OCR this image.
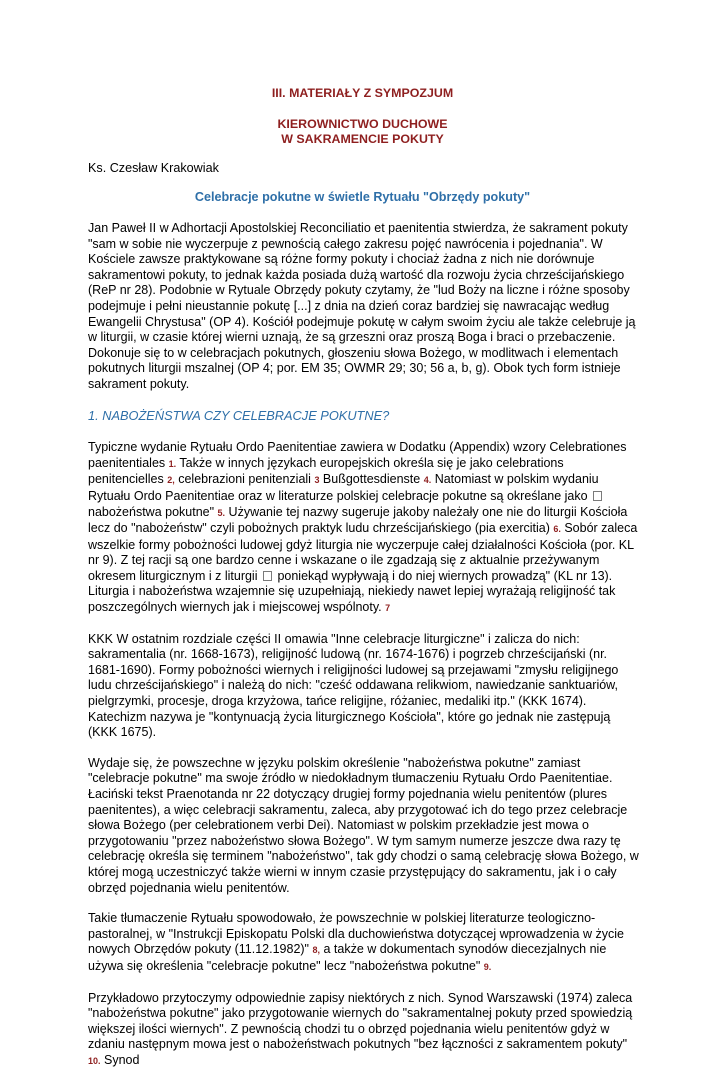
III. MATERIAŁY Z SYMPOZJUM
KIEROWNICTWO DUCHOWE
W SAKRAMENCIE POKUTY
Ks. Czesław Krakowiak
Celebracje pokutne w świetle Rytuału "Obrzędy pokuty"

Jan Paweł II w Adhortacji Apostolskiej Reconciliatio et paenitentia stwierdza, że sakrament pokuty "sam w sobie nie wyczerpuje z pewnością całego zakresu pojęć nawrócenia i pojednania". W Kościele zawsze praktykowane są różne formy pokuty i chociaż żadna z nich nie dorównuje sakramentowi pokuty, to jednak każda posiada dużą wartość dla rozwoju życia chrześcijańskiego (ReP nr 28). Podobnie w Rytuale Obrzędy pokuty czytamy, że "lud Boży na liczne i różne sposoby podejmuje i pełni nieustannie pokutę [...] z dnia na dzień coraz bardziej się nawracając według Ewangelii Chrystusa" (OP 4). Kościół podejmuje pokutę w całym swoim życiu ale także celebruje ją w liturgii, w czasie której wierni uznają, że są grzeszni oraz proszą Boga i braci o przebaczenie. Dokonuje się to w celebracjach pokutnych, głoszeniu słowa Bożego, w modlitwach i elementach pokutnych liturgii mszalnej (OP 4; por. EM 35; OWMR 29; 30; 56 a, b, g). Obok tych form istnieje sakrament pokuty.

1. NABOŻEŃSTWA CZY CELEBRACJE POKUTNE?

Typiczne wydanie Rytuału Ordo Paenitentiae zawiera w Dodatku (Appendix) wzory Celebrationes paenitentiales 1. Także w innych językach europejskich określa się je jako celebrations penitencielles 2, celebrazioni penitenziali 3 Bußgottesdienste 4. Natomiast w polskim wydaniu Rytuału Ordo Paenitentiae oraz w literaturze polskiej celebracje pokutne są określane jako  nabożeństwa pokutne" 5. Używanie tej nazwy sugeruje jakoby należały one nie do liturgii Kościoła lecz do "nabożeństw" czyli pobożnych praktyk ludu chrześcijańskiego (pia exercitia) 6. Sobór zaleca wszelkie formy pobożności ludowej gdyż liturgia nie wyczerpuje całej działalności Kościoła (por. KL nr 9). Z tej racji są one bardzo cenne i wskazane o ile zgadzają się z aktualnie przeżywanym okresem liturgicznym i z liturgii poniekąd wypływają i do niej wiernych prowadzą" (KL nr 13). Liturgia i nabożeństwa wzajemnie się uzupełniają, niekiedy nawet lepiej wyrażają religijność tak poszczególnych wiernych jak i miejscowej wspólnoty. 7

KKK W ostatnim rozdziale części II omawia "Inne celebracje liturgiczne" i zalicza do nich: sakramentalia (nr. 1668-1673), religijność ludową (nr. 1674-1676) i pogrzeb chrześcijański (nr. 1681-1690). Formy pobożności wiernych i religijności ludowej są przejawami "zmysłu religijnego ludu chrześcijańskiego" i należą do nich: "cześć oddawana relikwiom, nawiedzanie sanktuariów, pielgrzymki, procesje, droga krzyżowa, tańce religijne, różaniec, medaliki itp." (KKK 1674). Katechizm nazywa je "kontynuacją życia liturgicznego Kościoła", które go jednak nie zastępują (KKK 1675).

Wydaje się, że powszechne w języku polskim określenie "nabożeństwa pokutne" zamiast "celebracje pokutne" ma swoje źródło w niedokładnym tłumaczeniu Rytuału Ordo Paenitentiae. Łaciński tekst Praenotanda nr 22 dotyczący drugiej formy pojednania wielu penitentów (plures paenitentes), a więc celebracji sakramentu, zaleca, aby przygotować ich do tego przez celebracje słowa Bożego (per celebrationem verbi Dei). Natomiast w polskim przekładzie jest mowa o przygotowaniu "przez nabożeństwo słowa Bożego". W tym samym numerze jeszcze dwa razy tę celebrację określa się terminem "nabożeństwo", tak gdy chodzi o samą celebrację słowa Bożego, w której mogą uczestniczyć także wierni w innym czasie przystępujący do sakramentu, jak i o cały obrzęd pojednania wielu penitentów.

Takie tłumaczenie Rytuału spowodowało, że powszechnie w polskiej literaturze teologiczno-pastoralnej, w "Instrukcji Episkopatu Polski dla duchowieństwa dotyczącej wprowadzenia w życie nowych Obrzędów pokuty (11.12.1982)" 8, a także w dokumentach synodów diecezjalnych nie używa się określenia "celebracje pokutne" lecz "nabożeństwa pokutne" 9.

Przykładowo przytoczymy odpowiednie zapisy niektórych z nich. Synod Warszawski (1974) zaleca "nabożeństwa pokutne" jako przygotowanie wiernych do "sakramentalnej pokuty przed spowiedzią większej ilości wiernych". Z pewnością chodzi tu o obrzęd pojednania wielu penitentów gdyż w zdaniu następnym mowa jest o nabożeństwach pokutnych "bez łączności z sakramentem pokuty" 10. Synod
